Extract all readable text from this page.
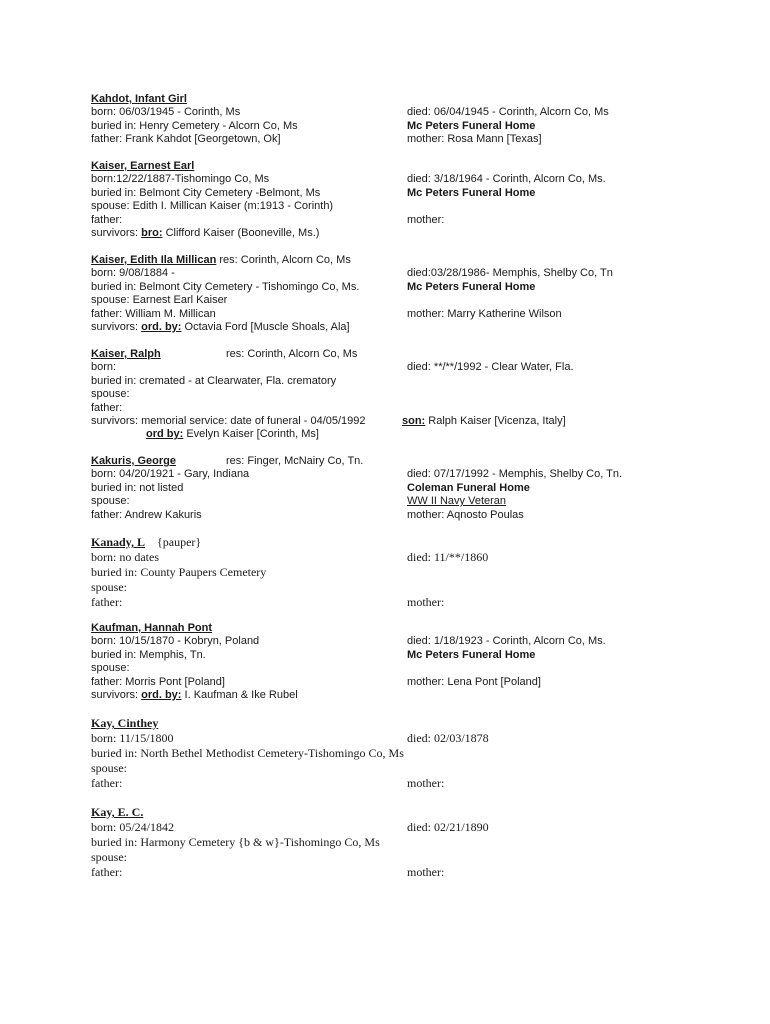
Kahdot, Infant Girl
born: 06/03/1945 - Corinth, Ms	died: 06/04/1945 - Corinth, Alcorn Co, Ms
buried in: Henry Cemetery - Alcorn Co, Ms	Mc Peters Funeral Home
father: Frank Kahdot [Georgetown, Ok]	mother: Rosa Mann [Texas]
Kaiser, Earnest Earl
born:12/22/1887-Tishomingo Co, Ms	died: 3/18/1964 - Corinth, Alcorn Co, Ms.
buried in: Belmont City Cemetery -Belmont, Ms	Mc Peters Funeral Home
spouse: Edith I. Millican Kaiser (m:1913 - Corinth)
father:	mother:
survivors: bro: Clifford Kaiser (Booneville, Ms.)
Kaiser, Edith Ila Millican res: Corinth, Alcorn Co, Ms
born: 9/08/1884 -	died:03/28/1986- Memphis, Shelby Co, Tn
buried in: Belmont City Cemetery - Tishomingo Co, Ms.	Mc Peters Funeral Home
spouse: Earnest Earl Kaiser
father: William M. Millican	mother: Marry Katherine Wilson
survivors: ord. by: Octavia Ford [Muscle Shoals, Ala]
Kaiser, Ralph	res: Corinth, Alcorn Co, Ms
born:	died: **/**/1992 - Clear Water, Fla.
buried in: cremated - at Clearwater, Fla. crematory
spouse:
father:
survivors: memorial service: date of funeral - 04/05/1992	son: Ralph Kaiser [Vicenza, Italy]
ord by: Evelyn Kaiser [Corinth, Ms]
Kakuris, George	res: Finger, McNairy Co, Tn.
born: 04/20/1921 - Gary, Indiana	died: 07/17/1992 - Memphis, Shelby Co, Tn.
buried in: not listed	Coleman Funeral Home
spouse:	WW II Navy Veteran
father: Andrew Kakuris	mother: Aqnosto Poulas
Kanady, L {pauper}
born: no dates	died: 11/**/1860
buried in: County Paupers Cemetery
spouse:
father:	mother:
Kaufman, Hannah Pont
born: 10/15/1870 - Kobryn, Poland	died: 1/18/1923 - Corinth, Alcorn Co, Ms.
buried in: Memphis, Tn.	Mc Peters Funeral Home
spouse:
father: Morris Pont [Poland]	mother: Lena Pont [Poland]
survivors: ord. by: I. Kaufman & Ike Rubel
Kay, Cinthey
born: 11/15/1800	died: 02/03/1878
buried in: North Bethel Methodist Cemetery-Tishomingo Co, Ms
spouse:
father:	mother:
Kay, E. C.
born: 05/24/1842	died: 02/21/1890
buried in: Harmony Cemetery {b & w}-Tishomingo Co, Ms
spouse:
father:	mother:
